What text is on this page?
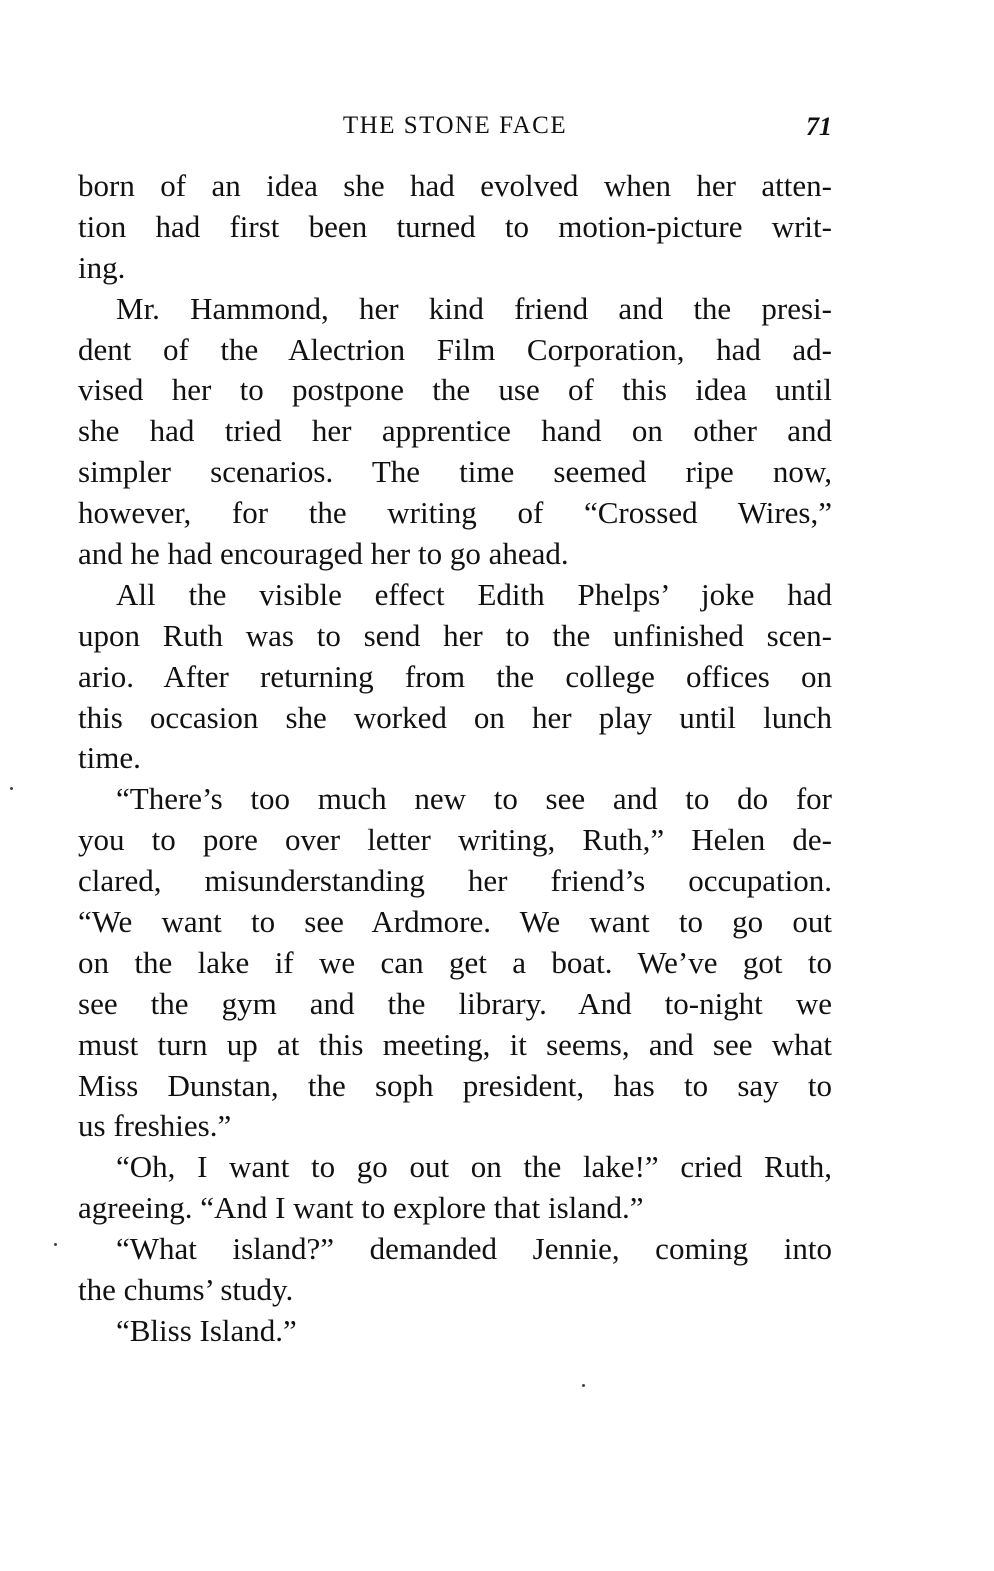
THE STONE FACE	71
born of an idea she had evolved when her atten-
tion had first been turned to motion-picture writ-
ing.
Mr. Hammond, her kind friend and the presi-
dent of the Alectrion Film Corporation, had ad-
vised her to postpone the use of this idea until
she had tried her apprentice hand on other and
simpler scenarios. The time seemed ripe now,
however, for the writing of “Crossed Wires,”
and he had encouraged her to go ahead.
All the visible effect Edith Phelps’ joke had
upon Ruth was to send her to the unfinished scen-
ario. After returning from the college offices on
this occasion she worked on her play until lunch
time.
“There’s too much new to see and to do for
you to pore over letter writing, Ruth,” Helen de-
clared, misunderstanding her friend’s occupation.
“We want to see Ardmore. We want to go out
on the lake if we can get a boat. We’ve got to
see the gym and the library. And to-night we
must turn up at this meeting, it seems, and see what
Miss Dunstan, the soph president, has to say to
us freshies.”
“Oh, I want to go out on the lake!” cried Ruth,
agreeing. “And I want to explore that island.”
“What island?” demanded Jennie, coming into
the chums’ study.
“Bliss Island.”
